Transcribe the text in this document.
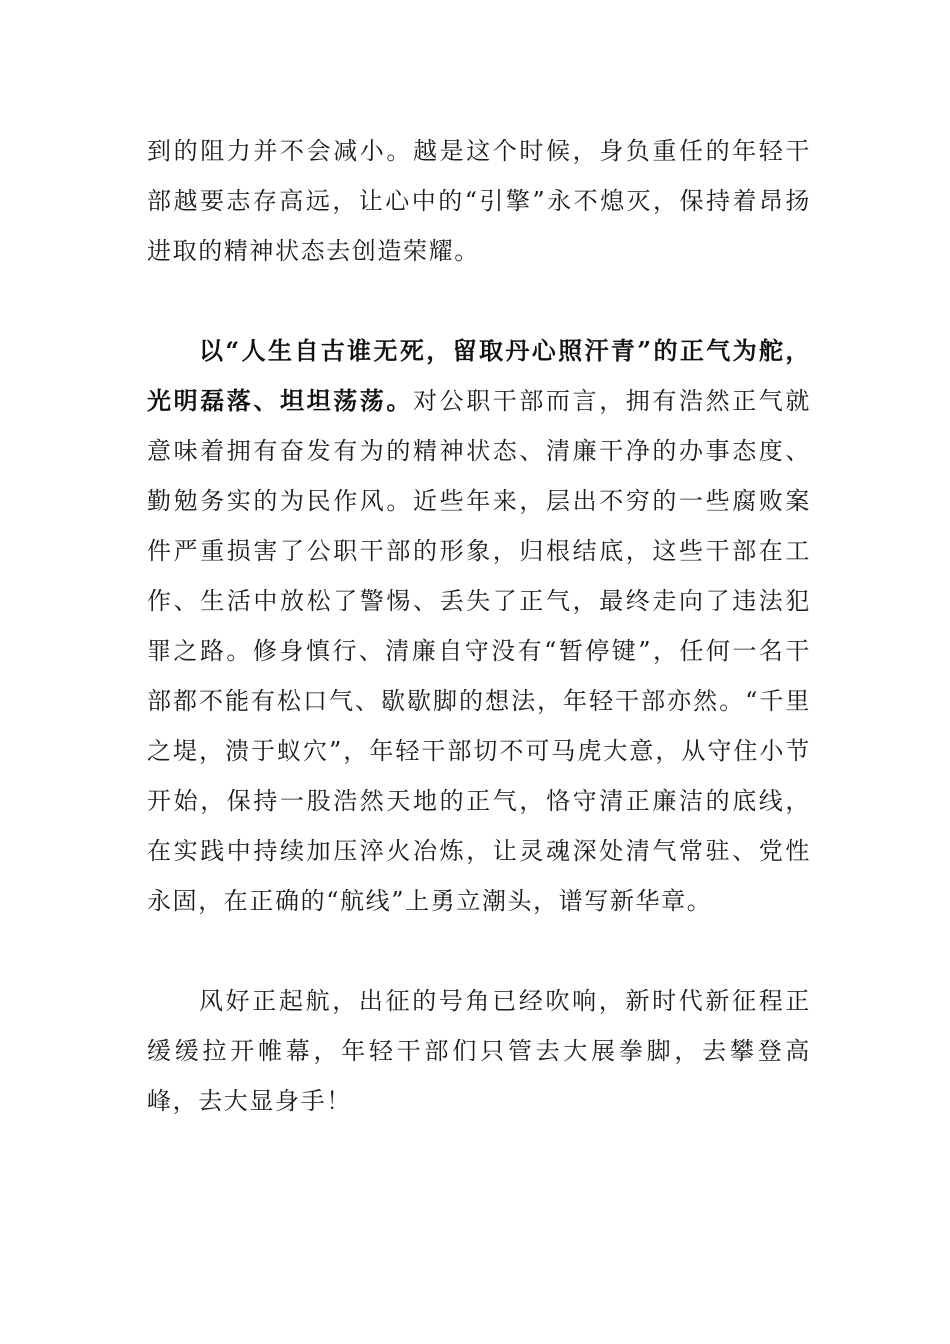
到的阻力并不会减小。越是这个时候，身负重任的年轻干部越要志存高远，让心中的“引擎”永不熄灭，保持着昂扬进取的精神状态去创造荣耀。

以“人生自古谁无死，留取丹心照汗青”的正气为舵，光明磊落、坦坦荡荡。对公职干部而言，拥有浩然正气就意味着拥有奋发有为的精神状态、清廉干净的办事态度、勤勉务实的为民作风。近些年来，层出不穷的一些腐败案件严重损害了公职干部的形象，归根结底，这些干部在工作、生活中放松了警惕、丢失了正气，最终走向了违法犯罪之路。修身慎行、清廉自守没有“暂停键”，任何一名干部都不能有松口气、歇歇脚的想法，年轻干部亦然。“千里之堤，溃于蚁穴”，年轻干部切不可马虎大意，从守住小节开始，保持一股浩然天地的正气，恪守清正廉洁的底线，在实践中持续加压淬火冶炼，让灵魂深处清气常驻、党性永固，在正确的“航线”上勇立潮头，谱写新华章。

风好正起航，出征的号角已经吹响，新时代新征程正缓缓拉开帷幕，年轻干部们只管去大展拳脚，去攀登高峰，去大显身手！
